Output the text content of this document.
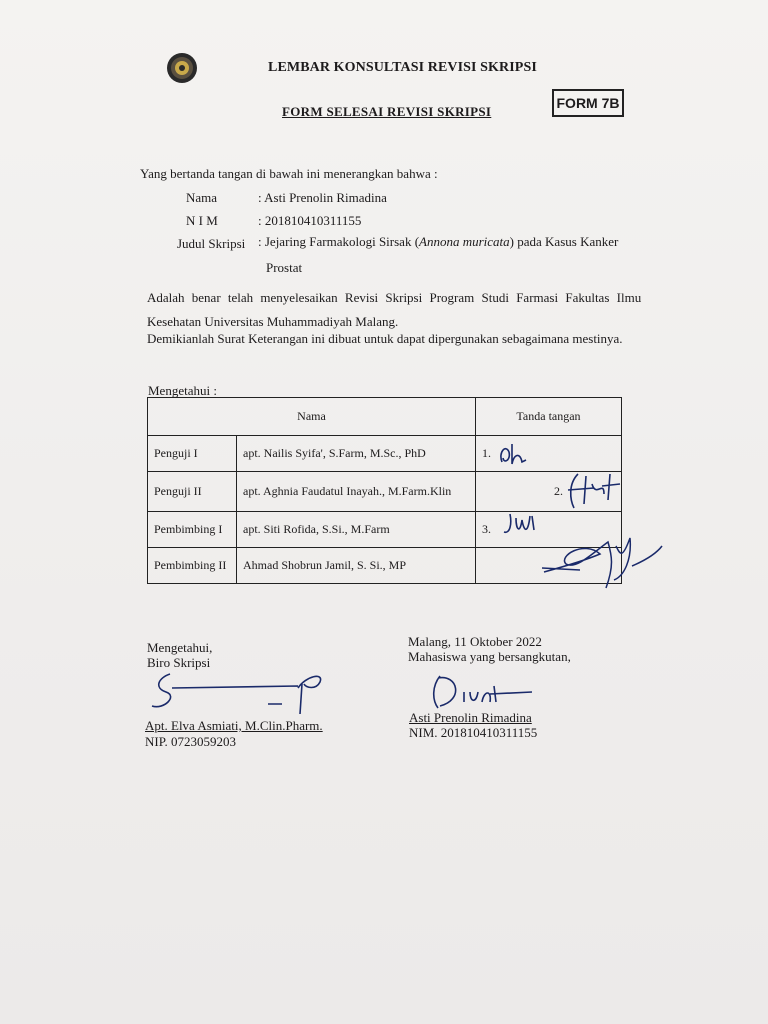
LEMBAR KONSULTASI REVISI SKRIPSI
FORM SELESAI REVISI SKRIPSI
FORM 7B
Yang bertanda tangan di bawah ini menerangkan bahwa :
Nama	: Asti Prenolin Rimadina
N I M	: 201810410311155
Judul Skripsi : Jejaring Farmakologi Sirsak (Annona muricata) pada Kasus Kanker
Prostat
Adalah benar telah menyelesaikan Revisi Skripsi Program Studi Farmasi Fakultas Ilmu
Kesehatan Universitas Muhammadiyah Malang.
Demikianlah Surat Keterangan ini dibuat untuk dapat dipergunakan sebagaimana mestinya.
Mengetahui :
Nama		Tanda tangan
Penguji I	apt. Nailis Syifa', S.Farm, M.Sc., PhD	1.
Penguji II	apt. Aghnia Faudatul Inayah., M.Farm.Klin	2.
Pembimbing I	apt. Siti Rofida, S.Si., M.Farm	3.
Pembimbing II	Ahmad Shobrun Jamil, S. Si., MP	
Mengetahui,
Biro Skripsi
Apt. Elva Asmiati, M.Clin.Pharm.
NIP. 0723059203
Malang, 11 Oktober 2022
Mahasiswa yang bersangkutan,
Asti Prenolin Rimadina
NIM. 201810410311155
